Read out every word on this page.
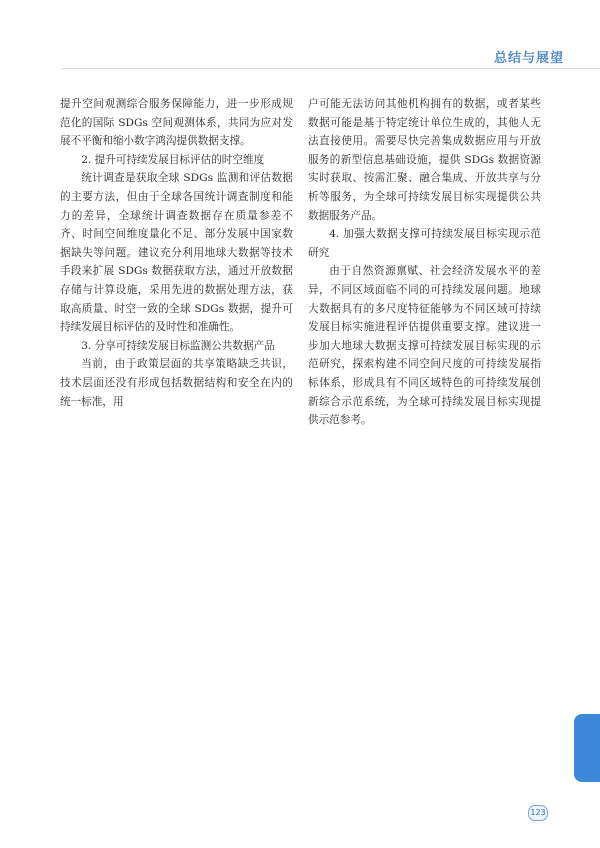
总结与展望

提升空间观测综合服务保障能力，进一步形成规范化的国际 SDGs 空间观测体系，共同为应对发展不平衡和缩小数字鸿沟提供数据支撑。

2. 提升可持续发展目标评估的时空维度

统计调查是获取全球 SDGs 监测和评估数据的主要方法，但由于全球各国统计调查制度和能力的差异，全球统计调查数据存在质量参差不齐、时间空间维度量化不足、部分发展中国家数据缺失等问题。建议充分利用地球大数据等技术手段来扩展 SDGs 数据获取方法，通过开放数据存储与计算设施，采用先进的数据处理方法，获取高质量、时空一致的全球 SDGs 数据，提升可持续发展目标评估的及时性和准确性。

3. 分享可持续发展目标监测公共数据产品

当前，由于政策层面的共享策略缺乏共识，技术层面还没有形成包括数据结构和安全在内的统一标准，用

户可能无法访问其他机构拥有的数据，或者某些数据可能是基于特定统计单位生成的，其他人无法直接使用。需要尽快完善集成数据应用与开放服务的新型信息基础设施，提供 SDGs 数据资源实时获取、按需汇聚、融合集成、开放共享与分析等服务，为全球可持续发展目标实现提供公共数据服务产品。

4. 加强大数据支撑可持续发展目标实现示范研究

由于自然资源禀赋、社会经济发展水平的差异，不同区域面临不同的可持续发展问题。地球大数据具有的多尺度特征能够为不同区域可持续发展目标实施进程评估提供重要支撑。建议进一步加大地球大数据支撑可持续发展目标实现的示范研究，探索构建不同空间尺度的可持续发展指标体系，形成具有不同区域特色的可持续发展创新综合示范系统，为全球可持续发展目标实现提供示范参考。

123
